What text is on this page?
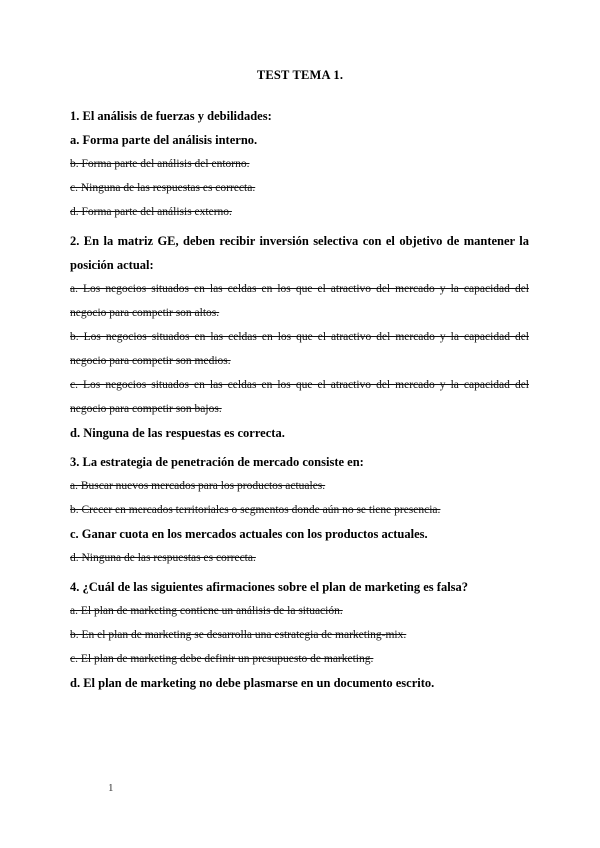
TEST TEMA 1.

1. El análisis de fuerzas y debilidades:

a. Forma parte del análisis interno.

b. Forma parte del análisis del entorno.

c. Ninguna de las respuestas es correcta.

d. Forma parte del análisis externo.

2. En la matriz GE, deben recibir inversión selectiva con el objetivo de mantener la posición actual:

a. Los negocios situados en las celdas en los que el atractivo del mercado y la capacidad del negocio para competir son altos.

b. Los negocios situados en las celdas en los que el atractivo del mercado y la capacidad del negocio para competir son medios.

c. Los negocios situados en las celdas en los que el atractivo del mercado y la capacidad del negocio para competir son bajos.

d. Ninguna de las respuestas es correcta.

3. La estrategia de penetración de mercado consiste en:

a. Buscar nuevos mercados para los productos actuales.

b. Crecer en mercados territoriales o segmentos donde aún no se tiene presencia.

c. Ganar cuota en los mercados actuales con los productos actuales.

d. Ninguna de las respuestas es correcta.

4. ¿Cuál de las siguientes afirmaciones sobre el plan de marketing es falsa?

a. El plan de marketing contiene un análisis de la situación.

b. En el plan de marketing se desarrolla una estrategia de marketing-mix.

c. El plan de marketing debe definir un presupuesto de marketing.

d. El plan de marketing no debe plasmarse en un documento escrito.

1
